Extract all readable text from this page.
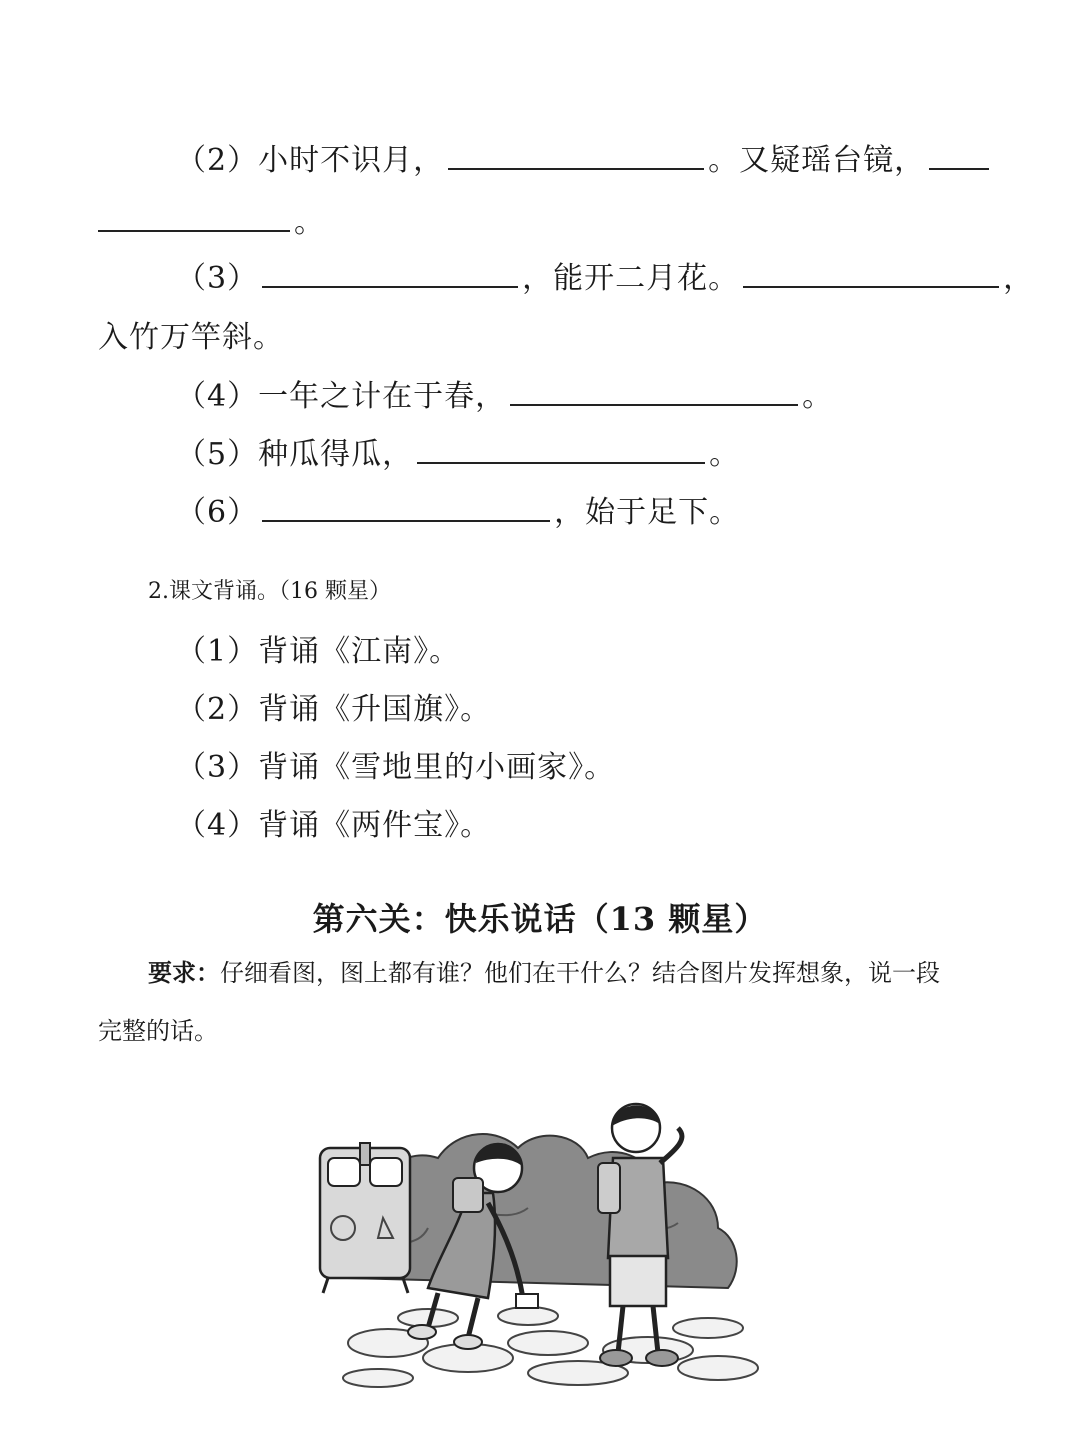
（2）小时不识月，	。又疑瑶台镜，
。
（3）	，能开二月花。	，
入竹万竿斜。
（4）一年之计在于春，	。
（5）种瓜得瓜，	。
（6）	，始于足下。
2.课文背诵。（16 颗星）
（1）背诵《江南》。
（2）背诵《升国旗》。
（3）背诵《雪地里的小画家》。
（4）背诵《两件宝》。
第六关：快乐说话（13 颗星）
要求：仔细看图，图上都有谁？他们在干什么？结合图片发挥想象，说一段
完整的话。
